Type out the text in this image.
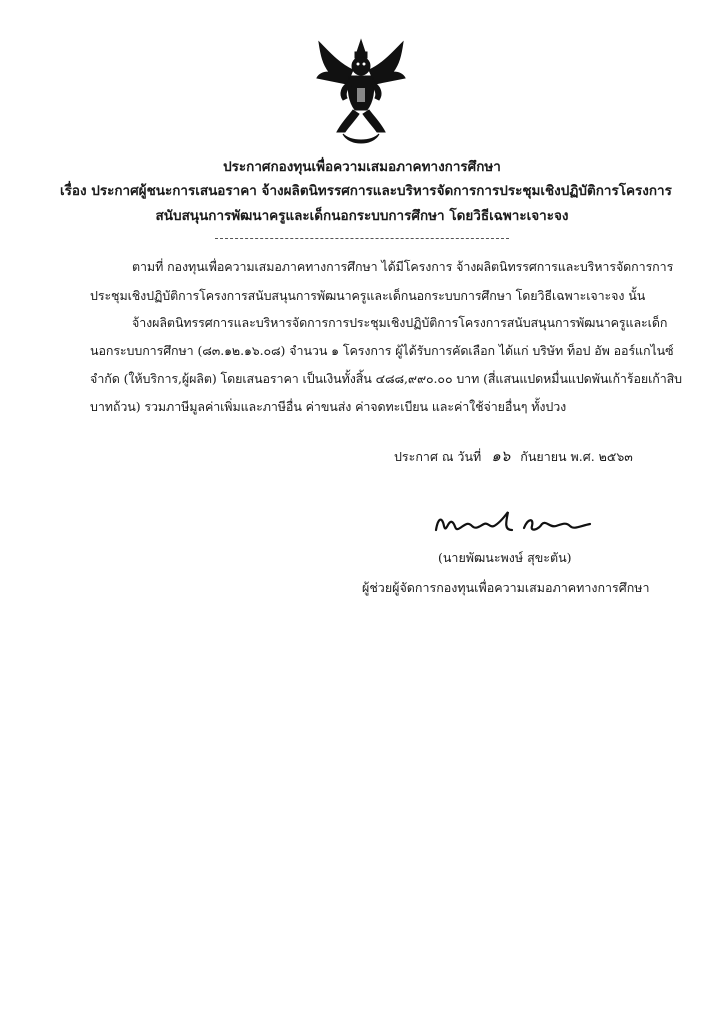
ประกาศกองทุนเพื่อความเสมอภาคทางการศึกษา
เรื่อง ประกาศผู้ชนะการเสนอราคา จ้างผลิตนิทรรศการและบริหารจัดการการประชุมเชิงปฏิบัติการโครงการ
สนับสนุนการพัฒนาครูและเด็กนอกระบบการศึกษา โดยวิธีเฉพาะเจาะจง
ตามที่ กองทุนเพื่อความเสมอภาคทางการศึกษา ได้มีโครงการ จ้างผลิตนิทรรศการและบริหารจัดการการ
ประชุมเชิงปฏิบัติการโครงการสนับสนุนการพัฒนาครูและเด็กนอกระบบการศึกษา โดยวิธีเฉพาะเจาะจง นั้น
จ้างผลิตนิทรรศการและบริหารจัดการการประชุมเชิงปฏิบัติการโครงการสนับสนุนการพัฒนาครูและเด็ก
นอกระบบการศึกษา (๘๓.๑๒.๑๖.๐๘) จำนวน ๑ โครงการ ผู้ได้รับการคัดเลือก ได้แก่ บริษัท ท็อป อัพ ออร์แกไนซ์
จำกัด (ให้บริการ,ผู้ผลิต) โดยเสนอราคา เป็นเงินทั้งสิ้น ๔๘๘,๙๙๐.๐๐ บาท (สี่แสนแปดหมื่นแปดพันเก้าร้อยเก้าสิบ
บาทถ้วน) รวมภาษีมูลค่าเพิ่มและภาษีอื่น ค่าขนส่ง ค่าจดทะเบียน และค่าใช้จ่ายอื่นๆ ทั้งปวง
ประกาศ ณ วันที่ ๑๖ กันยายน พ.ศ. ๒๕๖๓
(นายพัฒนะพงษ์ สุขะตัน)
ผู้ช่วยผู้จัดการกองทุนเพื่อความเสมอภาคทางการศึกษา
